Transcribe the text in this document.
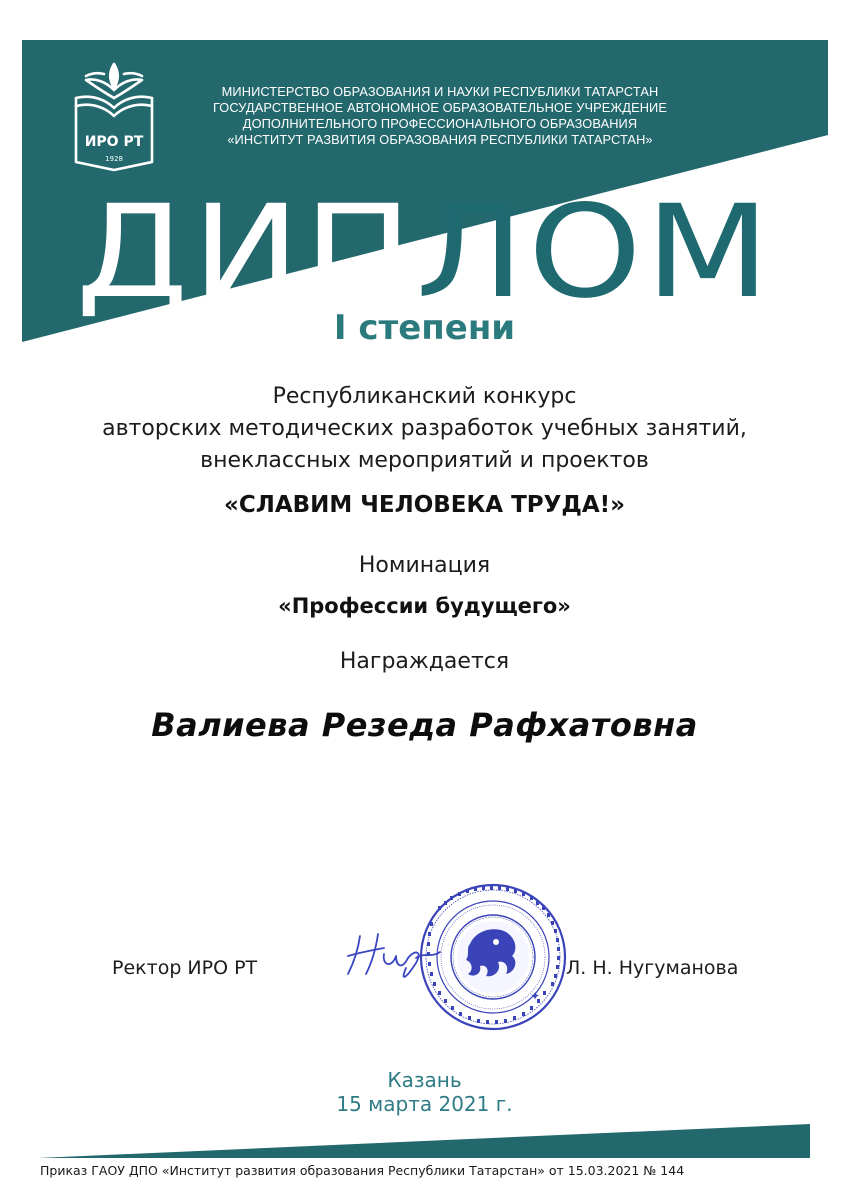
ИРО РТ
1928
МИНИСТЕРСТВО ОБРАЗОВАНИЯ И НАУКИ РЕСПУБЛИКИ ТАТАРСТАН
ГОСУДАРСТВЕННОЕ АВТОНОМНОЕ ОБРАЗОВАТЕЛЬНОЕ УЧРЕЖДЕНИЕ
ДОПОЛНИТЕЛЬНОГО ПРОФЕССИОНАЛЬНОГО ОБРАЗОВАНИЯ
«ИНСТИТУТ РАЗВИТИЯ ОБРАЗОВАНИЯ РЕСПУБЛИКИ ТАТАРСТАН»
ДИПЛОМ
I степени
Республиканский конкурс
авторских методических разработок учебных занятий,
внеклассных мероприятий и проектов
«СЛАВИМ ЧЕЛОВЕКА ТРУДА!»
Номинация
«Профессии будущего»
Награждается
Валиева Резеда Рафхатовна
Ректор ИРО РТ
✦
Л. Н. Нугуманова
Казань
15 марта 2021 г.
Приказ ГАОУ ДПО «Институт развития образования Республики Татарстан» от 15.03.2021 № 144
